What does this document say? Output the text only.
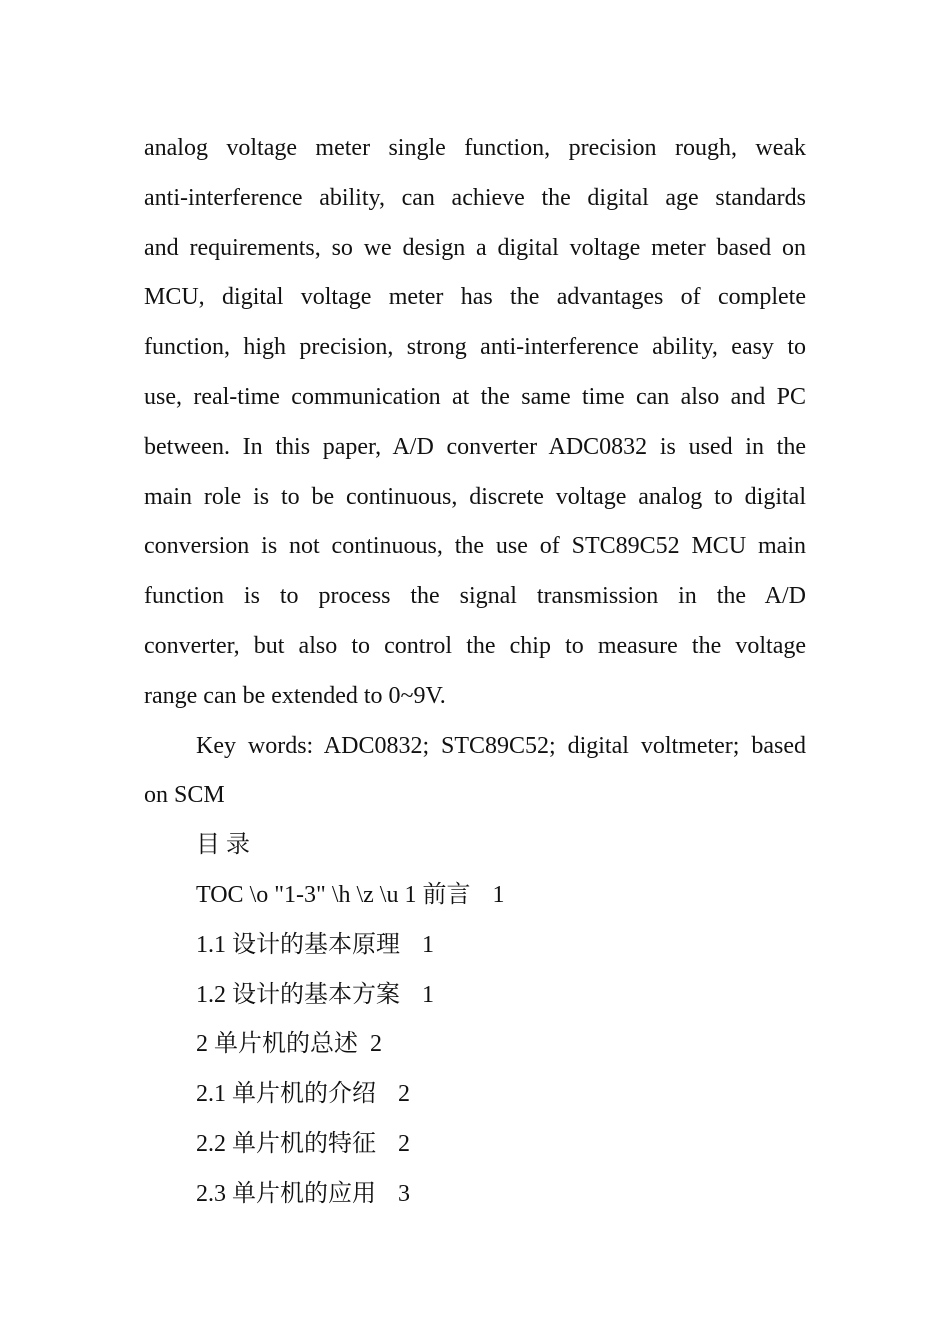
analog voltage meter single function, precision rough, weak
anti-interference ability, can achieve the digital age standards
and requirements, so we design a digital voltage meter based on
MCU, digital voltage meter has the advantages of complete
function, high precision, strong anti-interference ability, easy to
use, real-time communication at the same time can also and PC
between. In this paper, A/D converter ADC0832 is used in the
main role is to be continuous, discrete voltage analog to digital
conversion is not continuous, the use of STC89C52 MCU main
function is to process the signal transmission in the A/D
converter, but also to control the chip to measure the voltage
range can be extended to 0~9V.
Key words: ADC0832; STC89C52; digital voltmeter; based
on SCM
目 录
TOC \o "1-3" \h \z \u 1 前言 1
1.1 设计的基本原理 1
1.2 设计的基本方案 1
2 单片机的总述 2
2.1 单片机的介绍 2
2.2 单片机的特征 2
2.3 单片机的应用 3
